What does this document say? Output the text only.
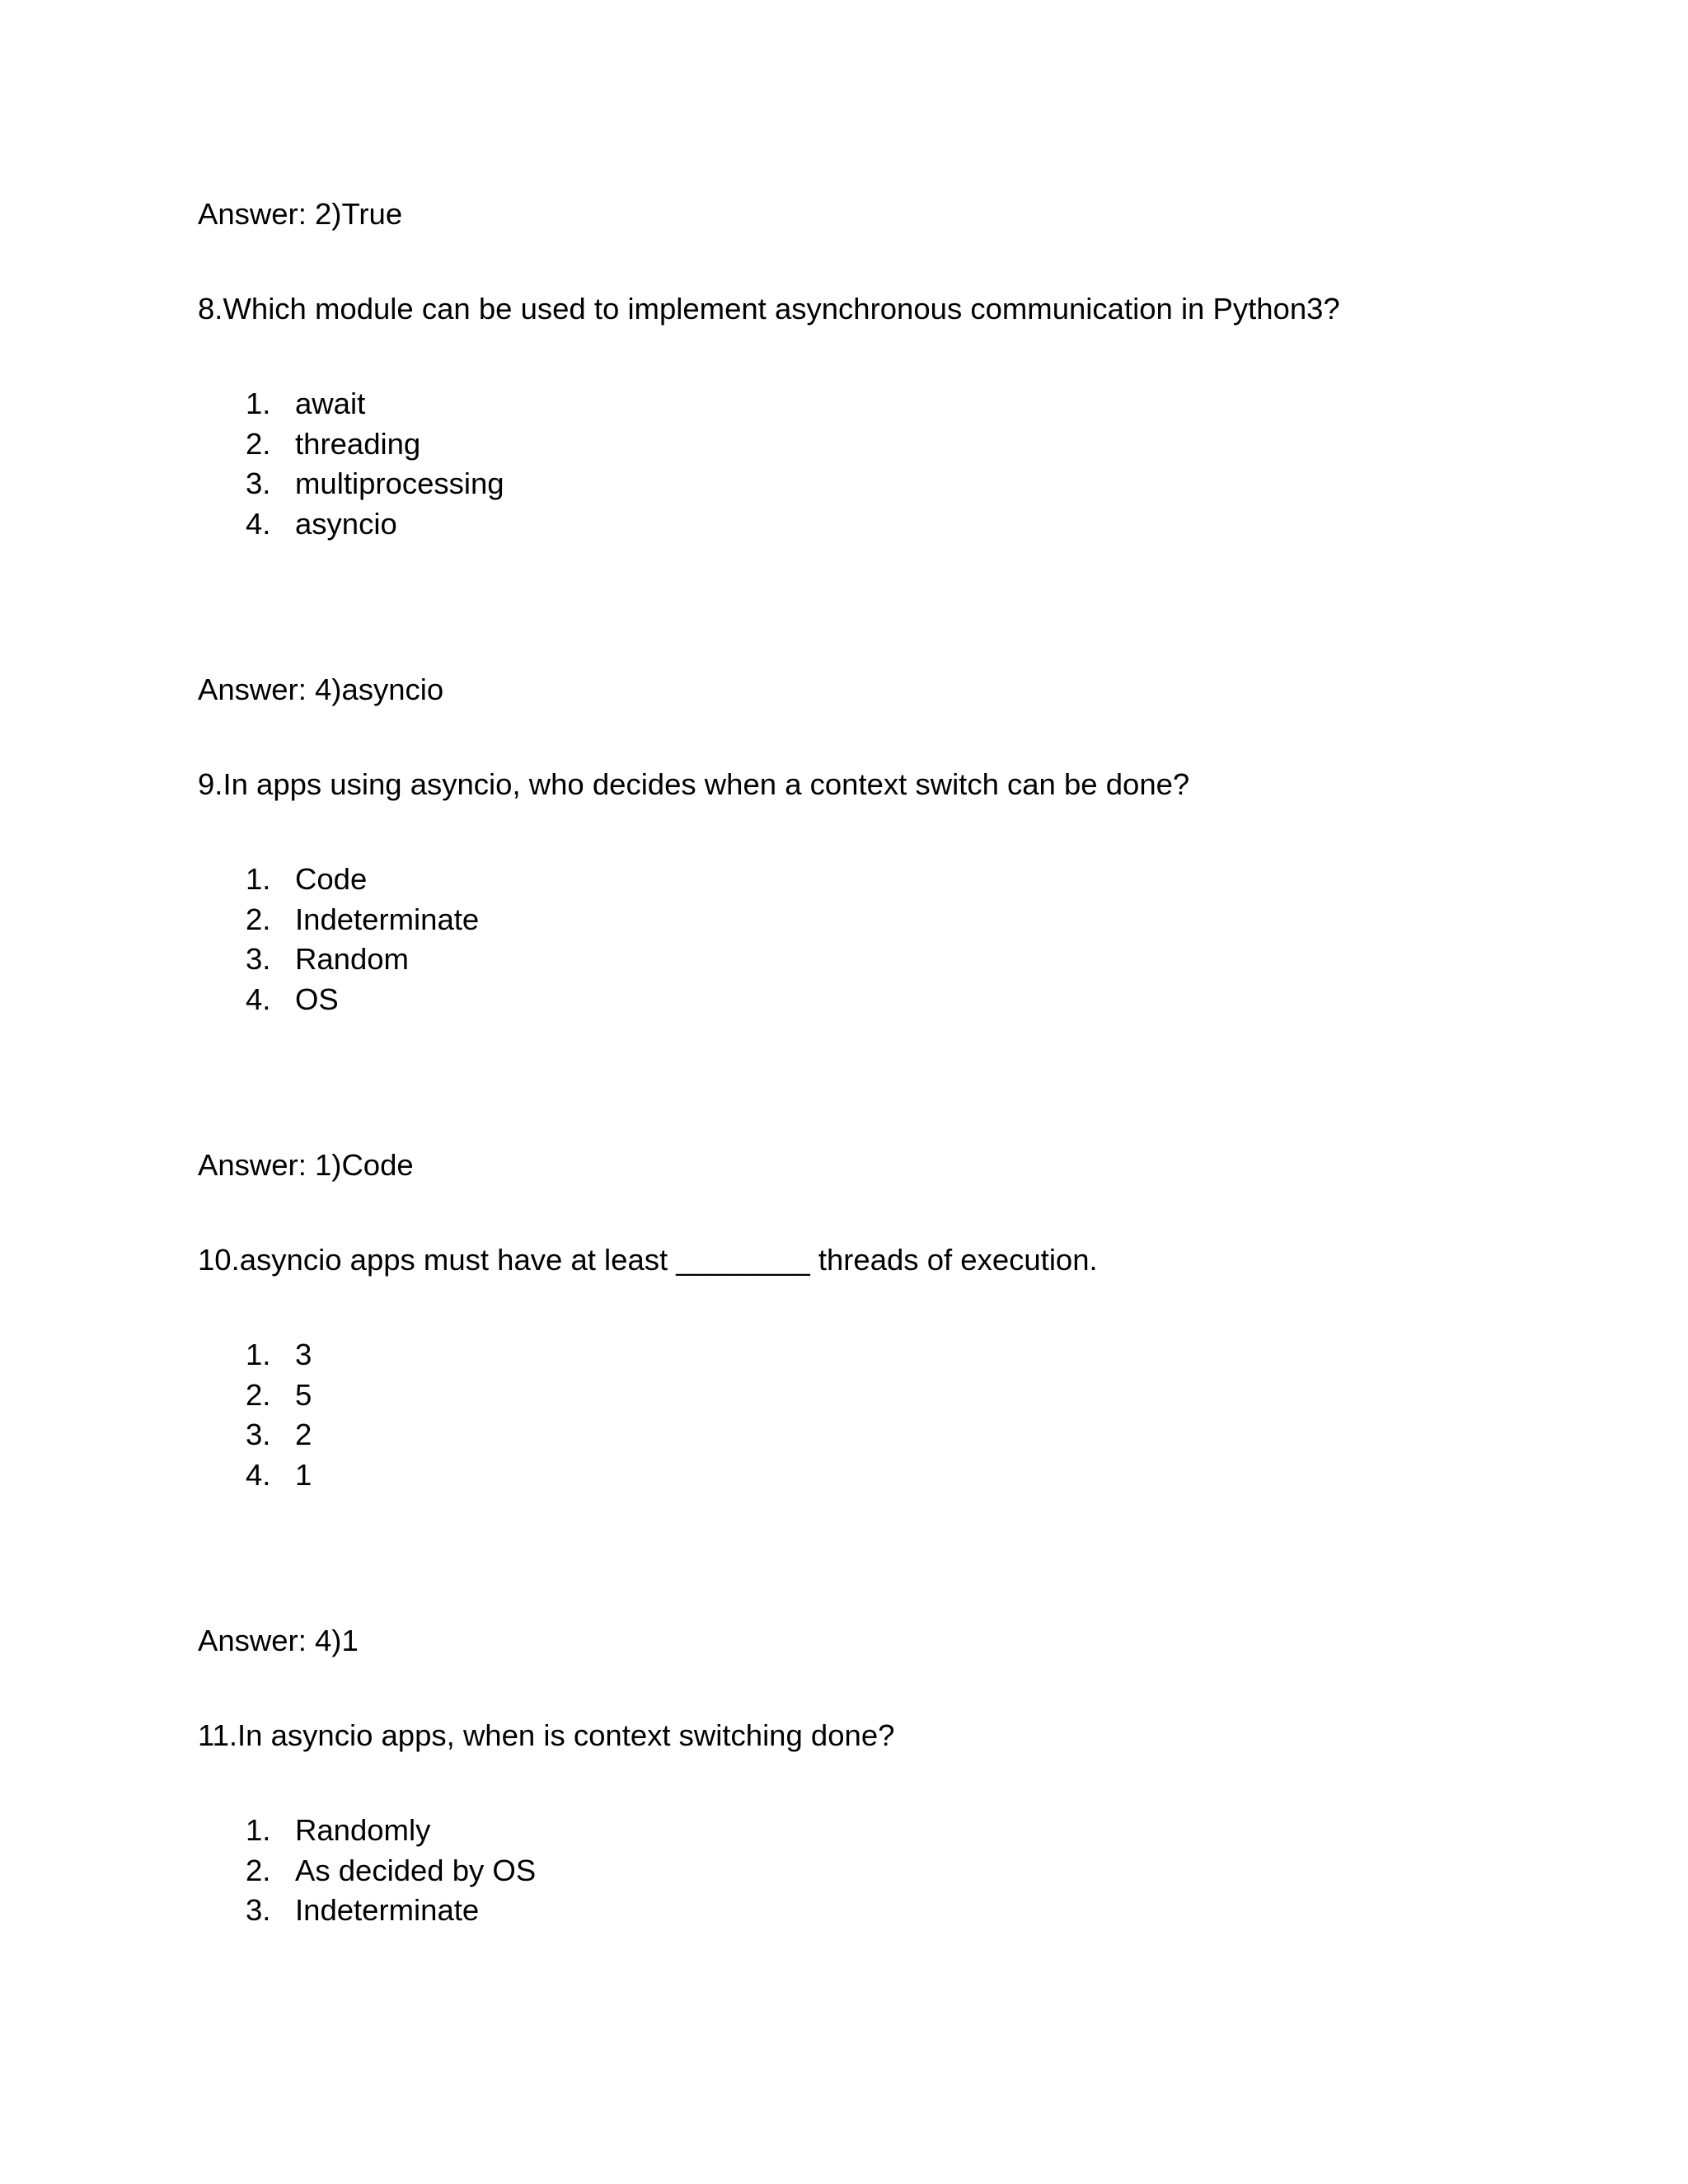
Answer: 2)True
8.Which module can be used to implement asynchronous communication in Python3?
1. await
2. threading
3. multiprocessing
4. asyncio
Answer: 4)asyncio
9.In apps using asyncio, who decides when a context switch can be done?
1. Code
2. Indeterminate
3. Random
4. OS
Answer: 1)Code
10.asyncio apps must have at least ________ threads of execution.
1. 3
2. 5
3. 2
4. 1
Answer: 4)1
11.In asyncio apps, when is context switching done?
1. Randomly
2. As decided by OS
3. Indeterminate
